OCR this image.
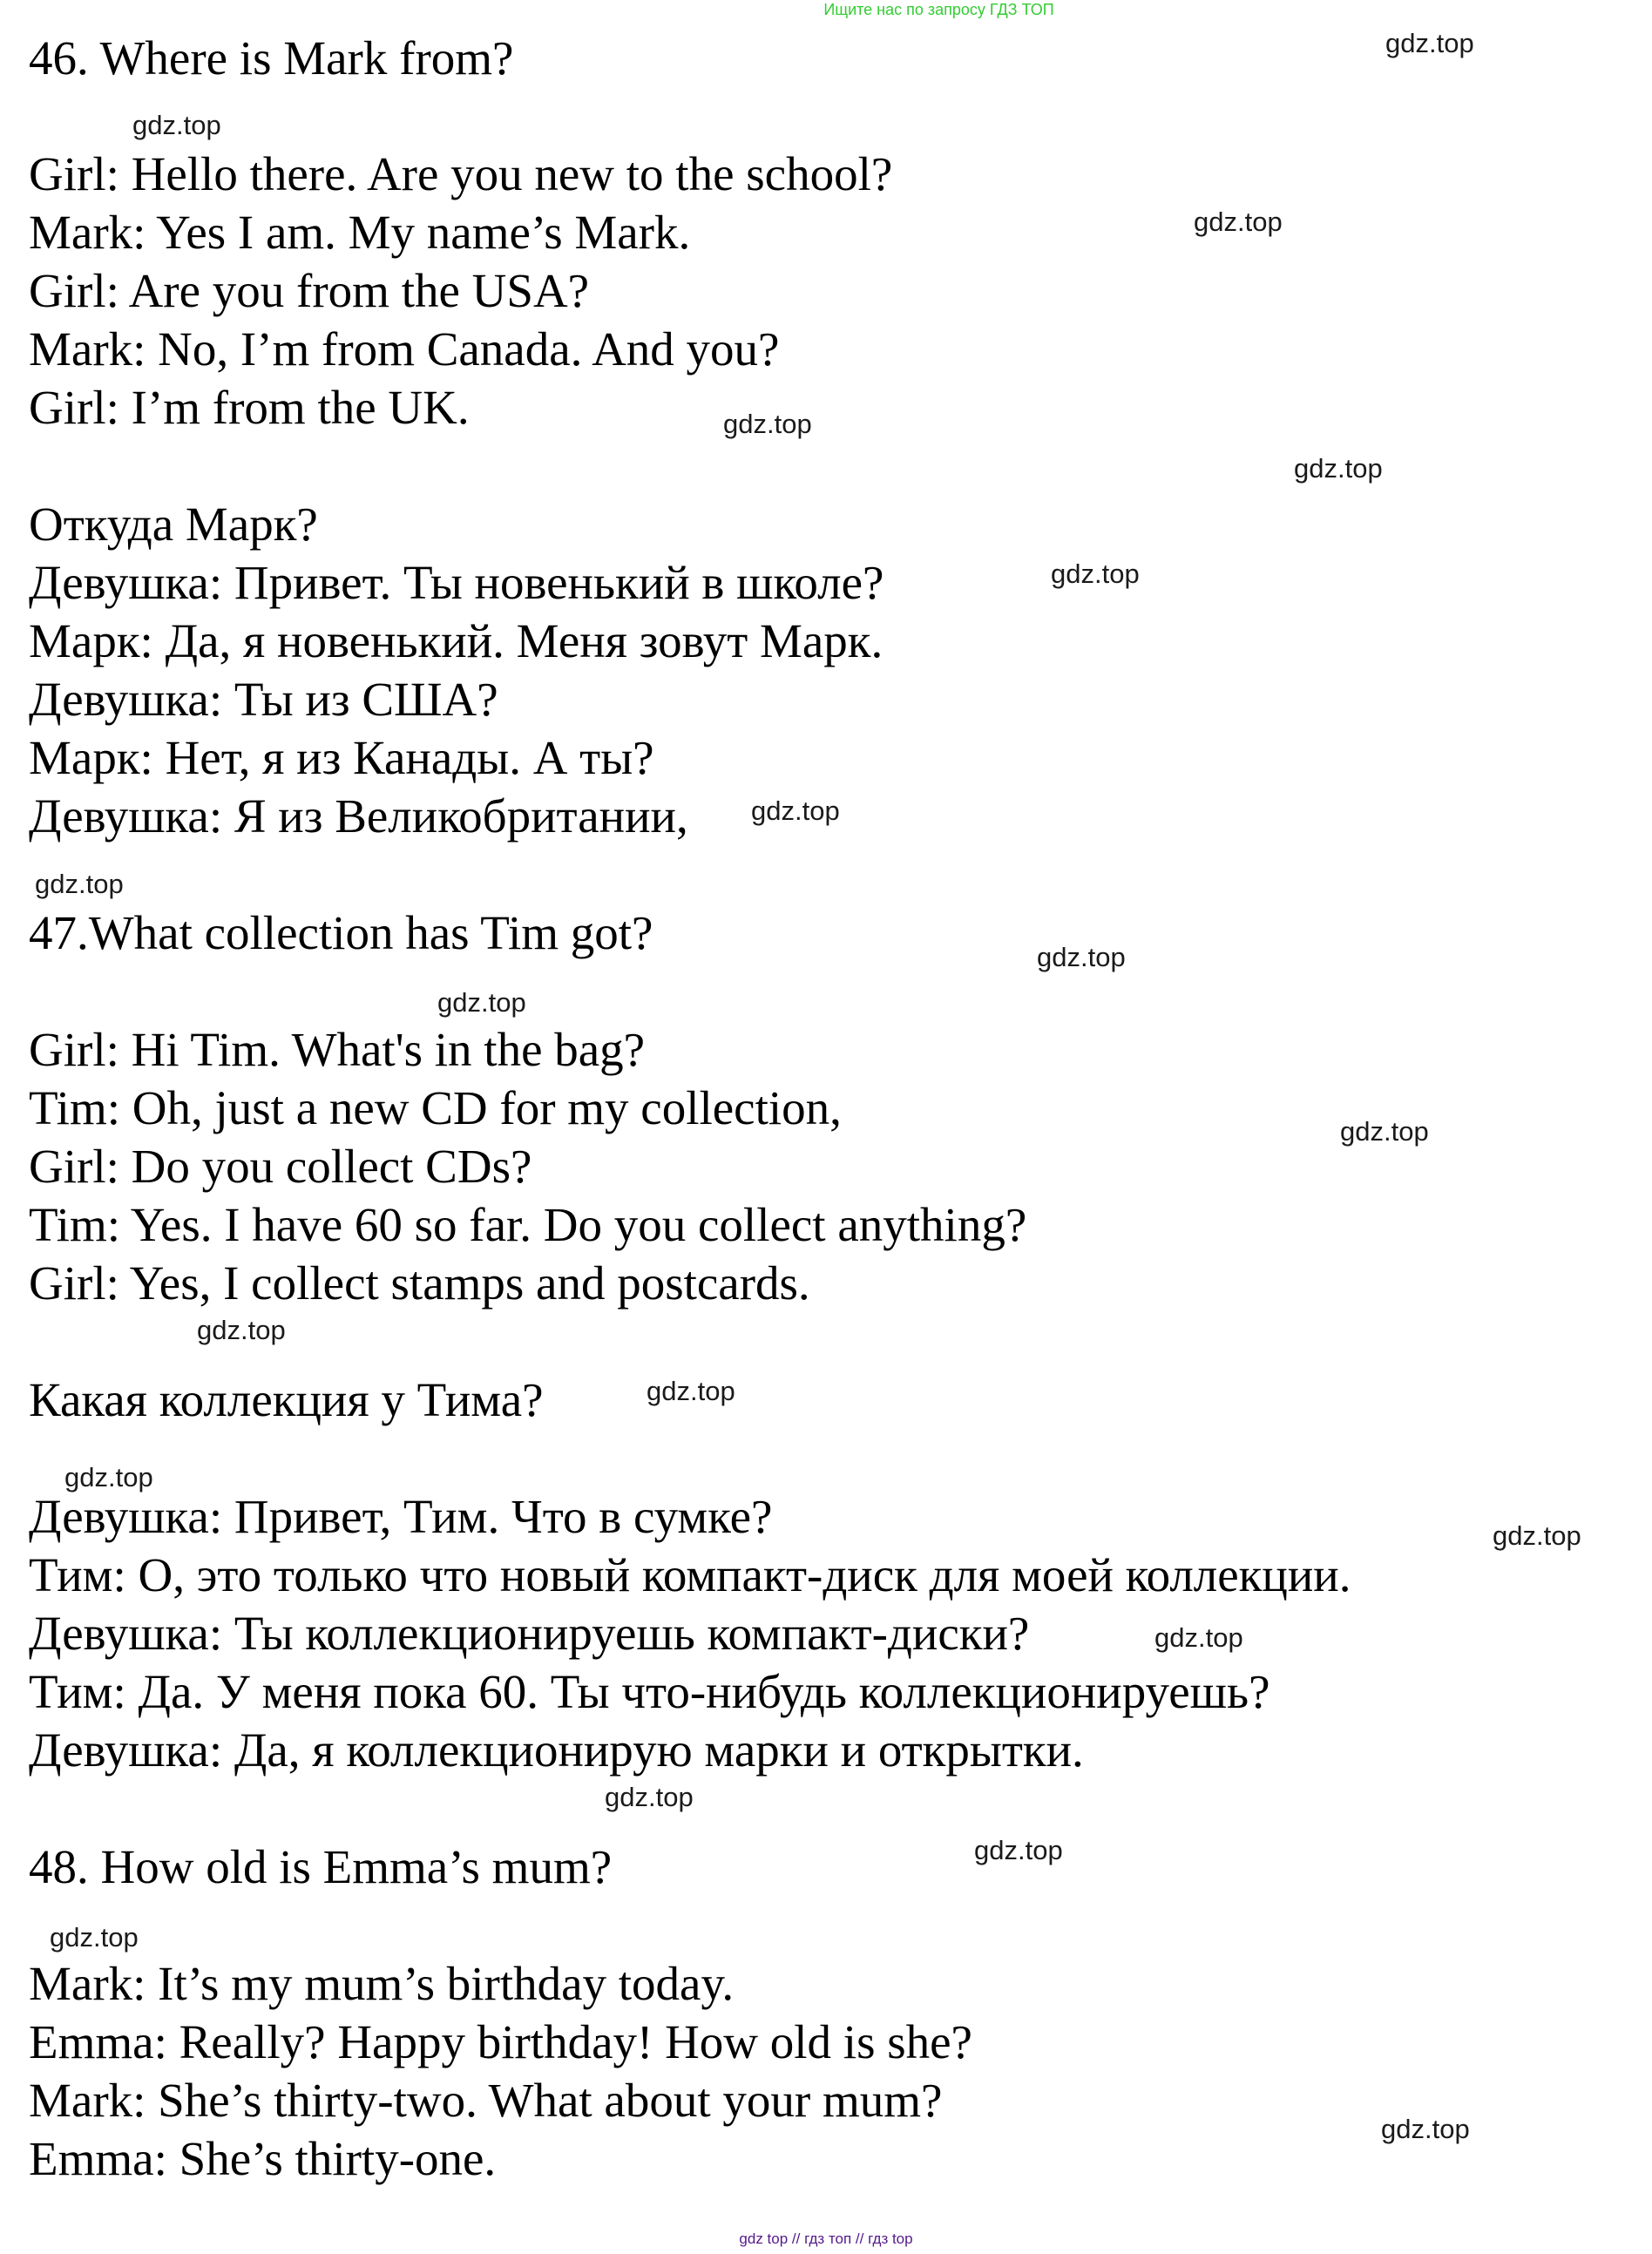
Ищите нас по запросу ГДЗ ТОП

46. Where is Mark from?

Girl: Hello there. Are you new to the school?

Mark: Yes I am. My name’s Mark.

Girl: Are you from the USA?

Mark: No, I’m from Canada. And you?

Girl: I’m from the UK.

Откуда Марк?

Девушка: Привет. Ты новенький в школе?

Марк: Да, я новенький. Меня зовут Марк.

Девушка: Ты из США?

Марк: Нет, я из Канады. А ты?

Девушка: Я из Великобритании,

47.What collection has Tim got?

Girl: Hi Tim. What's in the bag?

Tim: Oh, just a new CD for my collection,

Girl: Do you collect CDs?

Tim: Yes. I have 60 so far. Do you collect anything?

Girl: Yes, I collect stamps and postcards.

Какая коллекция у Тима?

Девушка: Привет, Тим. Что в сумке?

Тим: О, это только что новый компакт-диск для моей коллекции.

Девушка: Ты коллекционируешь компакт-диски?

Тим: Да. У меня пока 60. Ты что-нибудь коллекционируешь?

Девушка: Да, я коллекционирую марки и открытки.

48. How old is Emma’s mum?

Mark: It’s my mum’s birthday today.

Emma: Really? Happy birthday! How old is she?

Mark: She’s thirty-two. What about your mum?

Emma: She’s thirty-one.

gdz.top
gdz.top
gdz.top
gdz.top
gdz.top
gdz.top
gdz.top
gdz.top
gdz.top
gdz.top
gdz.top
gdz.top
gdz.top
gdz.top
gdz.top
gdz.top
gdz.top
gdz.top
gdz.top
gdz.top
gdz top // гдз топ // гдз top
